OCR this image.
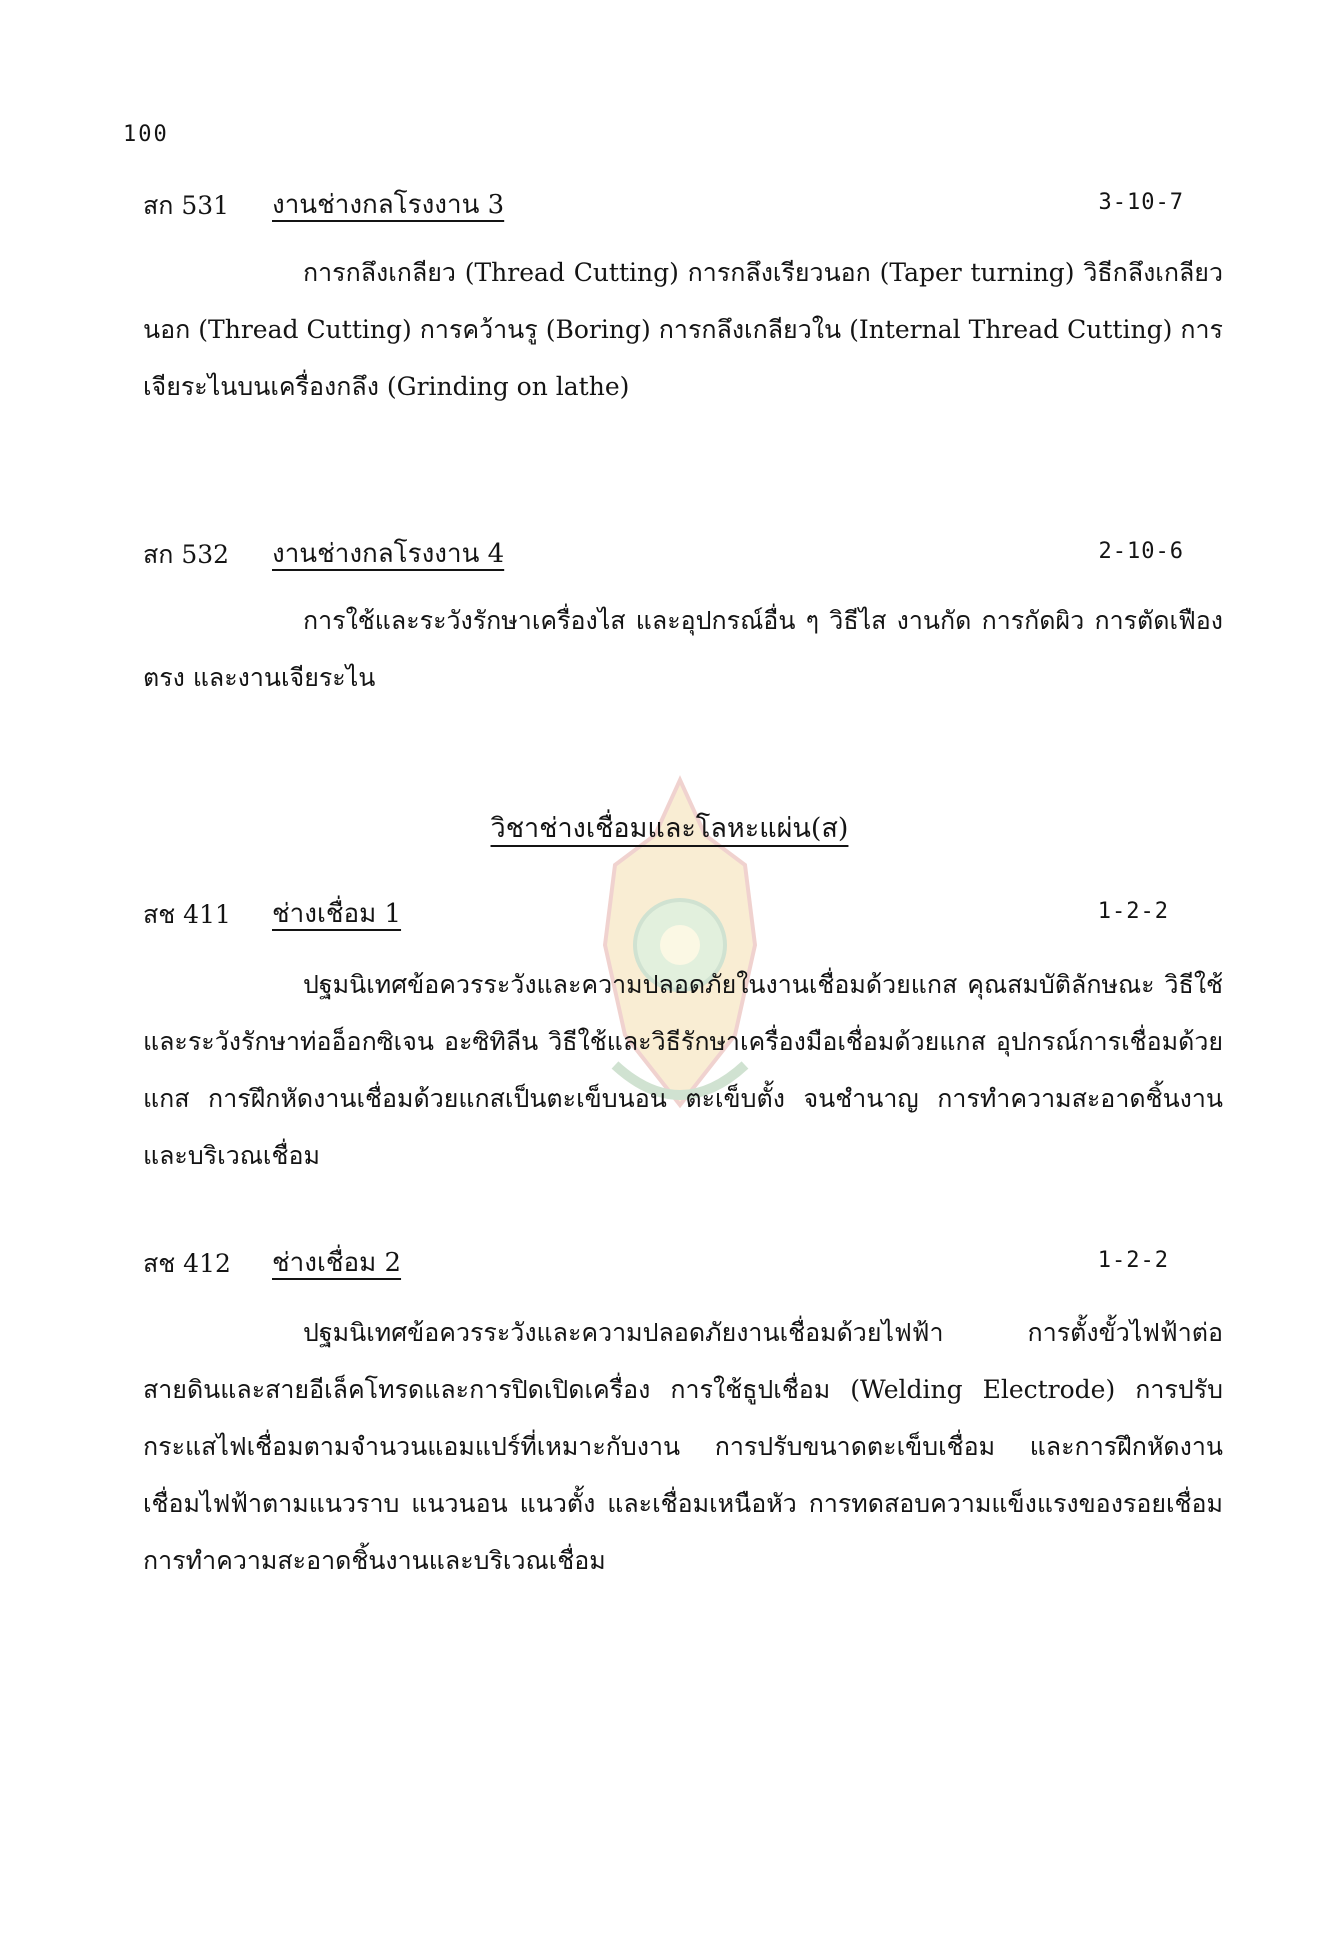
100
สก 531 งานช่างกลโรงงาน 3	3-10-7
การกลึงเกลียว (Thread Cutting) การกลึงเรียวนอก (Taper turning) วิธีกลึงเกลียวนอก (Thread Cutting) การคว้านรู (Boring) การกลึงเกลียวใน (Internal Thread Cutting) การเจียระไนบนเครื่องกลึง (Grinding on lathe)
สก 532 งานช่างกลโรงงาน 4	2-10-6
การใช้และระวังรักษาเครื่องไส และอุปกรณ์อื่น ๆ วิธีไส งานกัด การกัดผิว การตัดเฟืองตรง และงานเจียระไน
วิชาช่างเชื่อมและโลหะแผ่น(ส)
สช 411 ช่างเชื่อม 1	1-2-2
ปฐมนิเทศข้อควรระวังและความปลอดภัยในงานเชื่อมด้วยแกส คุณสมบัติลักษณะ วิธีใช้และระวังรักษาท่ออ็อกซิเจน อะซิทิลีน วิธีใช้และวิธีรักษาเครื่องมือเชื่อมด้วยแกส อุปกรณ์การเชื่อมด้วยแกส การฝึกหัดงานเชื่อมด้วยแกสเป็นตะเข็บนอน ตะเข็บตั้ง จนชำนาญ การทำความสะอาดชิ้นงานและบริเวณเชื่อม
สช 412 ช่างเชื่อม 2	1-2-2
ปฐมนิเทศข้อควรระวังและความปลอดภัยงานเชื่อมด้วยไฟฟ้า การตั้งขั้วไฟฟ้าต่อสายดินและสายอีเล็คโทรดและการปิดเปิดเครื่อง การใช้ธูปเชื่อม (Welding Electrode) การปรับกระแสไฟเชื่อมตามจำนวนแอมแปร์ที่เหมาะกับงาน การปรับขนาดตะเข็บเชื่อม และการฝึกหัดงานเชื่อมไฟฟ้าตามแนวราบ แนวนอน แนวตั้ง และเชื่อมเหนือหัว การทดสอบความแข็งแรงของรอยเชื่อม การทำความสะอาดชิ้นงานและบริเวณเชื่อม
